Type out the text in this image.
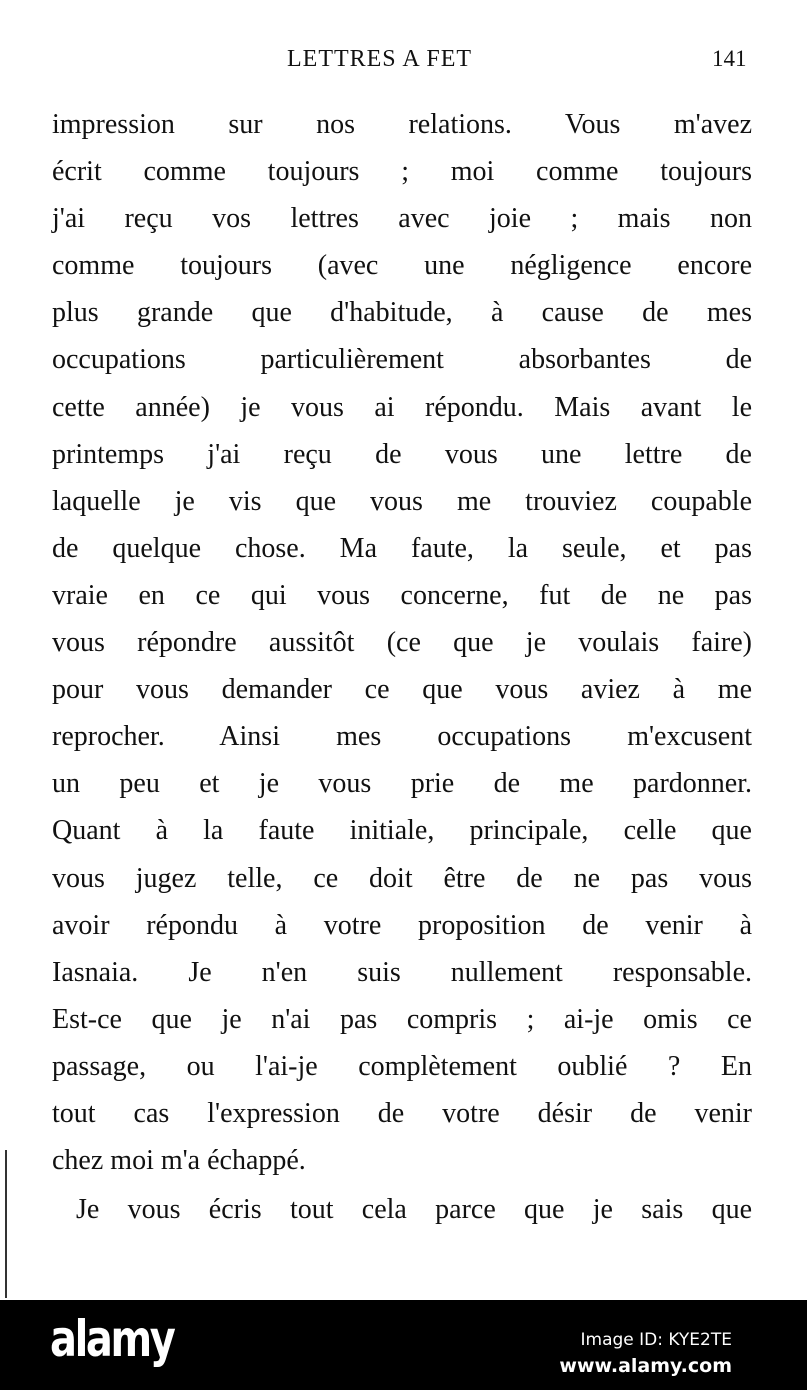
LETTRES A FET	141
impression sur nos relations. Vous m'avez
écrit comme toujours ; moi comme toujours
j'ai reçu vos lettres avec joie ; mais non
comme toujours (avec une négligence encore
plus grande que d'habitude, à cause de mes
occupations particulièrement absorbantes de
cette année) je vous ai répondu. Mais avant le
printemps j'ai reçu de vous une lettre de
laquelle je vis que vous me trouviez coupable
de quelque chose. Ma faute, la seule, et pas
vraie en ce qui vous concerne, fut de ne pas
vous répondre aussitôt (ce que je voulais faire)
pour vous demander ce que vous aviez à me
reprocher. Ainsi mes occupations m'excusent
un peu et je vous prie de me pardonner.
Quant à la faute initiale, principale, celle que
vous jugez telle, ce doit être de ne pas vous
avoir répondu à votre proposition de venir à
Iasnaia. Je n'en suis nullement responsable.
Est-ce que je n'ai pas compris ; ai-je omis ce
passage, ou l'ai-je complètement oublié ? En
tout cas l'expression de votre désir de venir
chez moi m'a échappé.
Je vous écris tout cela parce que je sais que
alamy	Image ID: KYE2TE
www.alamy.com
